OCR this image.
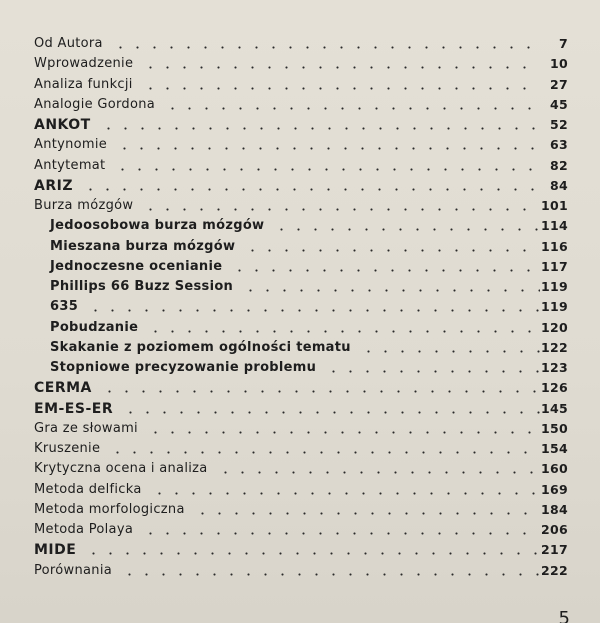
Od Autora	7
Wprowadzenie	10
Analiza funkcji	27
Analogie Gordona	45
ANKOT	52
Antynomie	63
Antytemat	82
ARIZ	84
Burza mózgów	101
Jedoosobowa burza mózgów	114
Mieszana burza mózgów	116
Jednoczesne ocenianie	117
Phillips 66 Buzz Session	119
635	119
Pobudzanie	120
Skakanie z poziomem ogólności tematu	122
Stopniowe precyzowanie problemu	123
CERMA	126
EM-ES-ER	145
Gra ze słowami	150
Kruszenie	154
Krytyczna ocena i analiza	160
Metoda delficka	169
Metoda morfologiczna	184
Metoda Polaya	206
MIDE	217
Porównania	222
5
